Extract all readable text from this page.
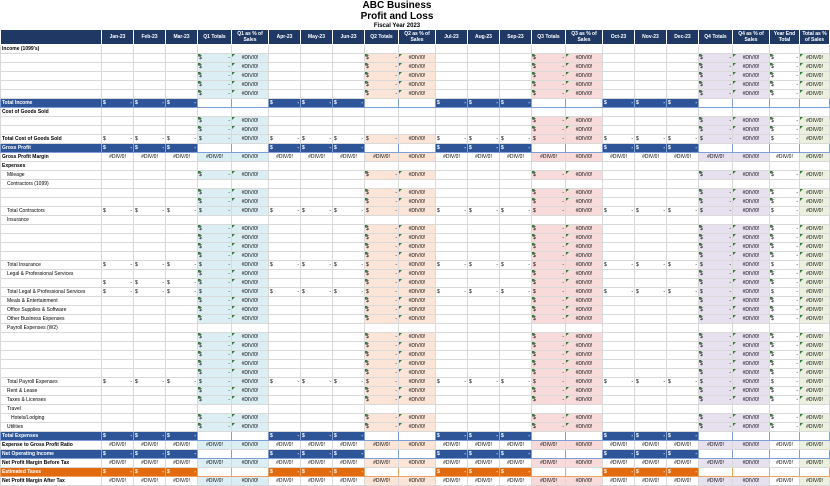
ABC Business
Profit and Loss
Fiscal Year 2023
	Jan-23	Feb-23	Mar-23	Q1 Totals	Q1 as % of Sales	Apr-23	May-23	Jun-23	Q2 Totals	Q2 as % of Sales	Jul-23	Aug-23	Sep-23	Q3 Totals	Q3 as % of Sales	Oct-23	Nov-23	Dec-23	Q4 Totals	Q4 as % of Sales	Year End Total	Total as % of Sales
Income (1099's)																						

				$ -	#DIV/0!				$ -	#DIV/0!				$ -	#DIV/0!				$ -	#DIV/0!	$ -	#DIV/0!

				$ -	#DIV/0!				$ -	#DIV/0!				$ -	#DIV/0!				$ -	#DIV/0!	$ -	#DIV/0!

				$ -	#DIV/0!				$ -	#DIV/0!				$ -	#DIV/0!				$ -	#DIV/0!	$ -	#DIV/0!

				$ -	#DIV/0!				$ -	#DIV/0!				$ -	#DIV/0!				$ -	#DIV/0!	$ -	#DIV/0!

				$ -	#DIV/0!				$ -	#DIV/0!				$ -	#DIV/0!				$ -	#DIV/0!	$ -	#DIV/0!
Total Income	$ -	$ -	$ -	$ -	#DIV/0!	$ -	$ -	$ -	$ -	#DIV/0!	$ -	$ -	$ -	$ -	#DIV/0!	$ -	$ -	$ -	$ -	#DIV/0!	$ -	#DIV/0!
Cost of Goods Sold																						

				$ -	#DIV/0!									$ -	#DIV/0!				$ -	#DIV/0!	$ -	#DIV/0!

				$ -	#DIV/0!									$ -	#DIV/0!				$ -	#DIV/0!	$ -	#DIV/0!
Total Cost of Goods Sold	$ -	$ -	$ -	$ -	#DIV/0!	$ -	$ -	$ -	$ -	#DIV/0!	$ -	$ -	$ -	$ -	#DIV/0!	$ -	$ -	$ -	$ -	#DIV/0!	$ -	#DIV/0!
Gross Profit	$ -	$ -	$ -	$ -	#DIV/0!	$ -	$ -	$ -	$ -	#DIV/0!	$ -	$ -	$ -	$ -	#DIV/0!	$ -	$ -	$ -	$ -	#DIV/0!	$ -	#DIV/0!
Gross Profit Margin	#DIV/0!	#DIV/0!	#DIV/0!	#DIV/0!	#DIV/0!	#DIV/0!	#DIV/0!	#DIV/0!	#DIV/0!	#DIV/0!	#DIV/0!	#DIV/0!	#DIV/0!	#DIV/0!	#DIV/0!	#DIV/0!	#DIV/0!	#DIV/0!	#DIV/0!	#DIV/0!	#DIV/0!	#DIV/0!
Expenses																						
Mileage				$ -	#DIV/0!				$ -	#DIV/0!				$ -	#DIV/0!				$ -	#DIV/0!	$ -	#DIV/0!
Contractors (1099)																						

				$ -	#DIV/0!				$ -	#DIV/0!				$ -	#DIV/0!				$ -	#DIV/0!	$ -	#DIV/0!

				$ -	#DIV/0!				$ -	#DIV/0!				$ -	#DIV/0!				$ -	#DIV/0!	$ -	#DIV/0!
Total Contractors	$ -	$ -	$ -	$ -	#DIV/0!	$ -	$ -	$ -	$ -	#DIV/0!	$ -	$ -	$ -	$ -	#DIV/0!	$ -	$ -	$ -	$ -	#DIV/0!	$ -	#DIV/0!
Insurance																						

				$ -	#DIV/0!				$ -	#DIV/0!				$ -	#DIV/0!				$ -	#DIV/0!	$ -	#DIV/0!

				$ -	#DIV/0!				$ -	#DIV/0!				$ -	#DIV/0!				$ -	#DIV/0!	$ -	#DIV/0!

				$ -	#DIV/0!				$ -	#DIV/0!				$ -	#DIV/0!				$ -	#DIV/0!	$ -	#DIV/0!

				$ -	#DIV/0!				$ -	#DIV/0!				$ -	#DIV/0!				$ -	#DIV/0!	$ -	#DIV/0!
Total Insurance	$ -	$ -	$ -	$ -	#DIV/0!	$ -	$ -	$ -	$ -	#DIV/0!	$ -	$ -	$ -	$ -	#DIV/0!	$ -	$ -	$ -	$ -	#DIV/0!	$ -	#DIV/0!
Legal & Professional Services				$ -	#DIV/0!				$ -	#DIV/0!				$ -	#DIV/0!				$ -	#DIV/0!	$ -	#DIV/0!

	$ -	$ -	$ -	$ -	#DIV/0!				$ -	#DIV/0!				$ -	#DIV/0!				$ -	#DIV/0!	$ -	#DIV/0!
Total Legal & Professional Services	$ -	$ -	$ -	$ -	#DIV/0!	$ -	$ -	$ -	$ -	#DIV/0!	$ -	$ -	$ -	$ -	#DIV/0!	$ -	$ -	$ -	$ -	#DIV/0!	$ -	#DIV/0!
Meals & Entertainment				$ -	#DIV/0!				$ -	#DIV/0!				$ -	#DIV/0!				$ -	#DIV/0!	$ -	#DIV/0!
Office Supplies & Software				$ -	#DIV/0!				$ -	#DIV/0!				$ -	#DIV/0!				$ -	#DIV/0!	$ -	#DIV/0!
Other Business Expenses				$ -	#DIV/0!				$ -	#DIV/0!				$ -	#DIV/0!				$ -	#DIV/0!	$ -	#DIV/0!
Payroll Expenses (W2)																						

				$ -	#DIV/0!				$ -	#DIV/0!				$ -	#DIV/0!				$ -	#DIV/0!	$ -	#DIV/0!

				$ -	#DIV/0!				$ -	#DIV/0!				$ -	#DIV/0!				$ -	#DIV/0!	$ -	#DIV/0!

				$ -	#DIV/0!				$ -	#DIV/0!				$ -	#DIV/0!				$ -	#DIV/0!	$ -	#DIV/0!

				$ -	#DIV/0!				$ -	#DIV/0!				$ -	#DIV/0!				$ -	#DIV/0!	$ -	#DIV/0!

				$ -	#DIV/0!				$ -	#DIV/0!				$ -	#DIV/0!				$ -	#DIV/0!	$ -	#DIV/0!
Total Payroll Expenses	$ -	$ -	$ -	$ -	#DIV/0!	$ -	$ -	$ -	$ -	#DIV/0!	$ -	$ -	$ -	$ -	#DIV/0!	$ -	$ -	$ -	$ -	#DIV/0!	$ -	#DIV/0!
Rent & Lease				$ -	#DIV/0!				$ -	#DIV/0!				$ -	#DIV/0!				$ -	#DIV/0!	$ -	#DIV/0!
Taxes & Licenses				$ -	#DIV/0!				$ -	#DIV/0!				$ -	#DIV/0!				$ -	#DIV/0!	$ -	#DIV/0!
Travel																						
Hotels/Lodging				$ -	#DIV/0!				$ -	#DIV/0!				$ -	#DIV/0!				$ -	#DIV/0!	$ -	#DIV/0!
Utilities				$ -	#DIV/0!				$ -	#DIV/0!				$ -	#DIV/0!				$ -	#DIV/0!	$ -	#DIV/0!
Total Expenses	$ -	$ -	$ -	$ -	#DIV/0!	$ -	$ -	$ -	$ -	#DIV/0!	$ -	$ -	$ -	$ -	#DIV/0!	$ -	$ -	$ -	$ -	#DIV/0!	$ -	#DIV/0!
Expense to Gross Profit Ratio	#DIV/0!	#DIV/0!	#DIV/0!	#DIV/0!	#DIV/0!	#DIV/0!	#DIV/0!	#DIV/0!	#DIV/0!	#DIV/0!	#DIV/0!	#DIV/0!	#DIV/0!	#DIV/0!	#DIV/0!	#DIV/0!	#DIV/0!	#DIV/0!	#DIV/0!	#DIV/0!	#DIV/0!	#DIV/0!
Net Operating Income	$ -	$ -	$ -	$ -	#DIV/0!	$ -	$ -	$ -	$ -	#DIV/0!	$ -	$ -	$ -	$ -	#DIV/0!	$ -	$ -	$ -	$ -	#DIV/0!	$ -	#DIV/0!
Net Profit Margin Before Tax	#DIV/0!	#DIV/0!	#DIV/0!	#DIV/0!	#DIV/0!	#DIV/0!	#DIV/0!	#DIV/0!	#DIV/0!	#DIV/0!	#DIV/0!	#DIV/0!	#DIV/0!	#DIV/0!	#DIV/0!	#DIV/0!	#DIV/0!	#DIV/0!	#DIV/0!	#DIV/0!	#DIV/0!	#DIV/0!
Estimated Taxes	$ -	$ -	$ -	$ -	#DIV/0!	$ -	$ -	$ -	$ -	#DIV/0!	$ -	$ -	$ -	$ -	#DIV/0!	$ -	$ -	$ -	$ -	#DIV/0!	$ -	#DIV/0!
Net Profit Margin After Tax	#DIV/0!	#DIV/0!	#DIV/0!	#DIV/0!	#DIV/0!	#DIV/0!	#DIV/0!	#DIV/0!	#DIV/0!	#DIV/0!	#DIV/0!	#DIV/0!	#DIV/0!	#DIV/0!	#DIV/0!	#DIV/0!	#DIV/0!	#DIV/0!	#DIV/0!	#DIV/0!	#DIV/0!	#DIV/0!
